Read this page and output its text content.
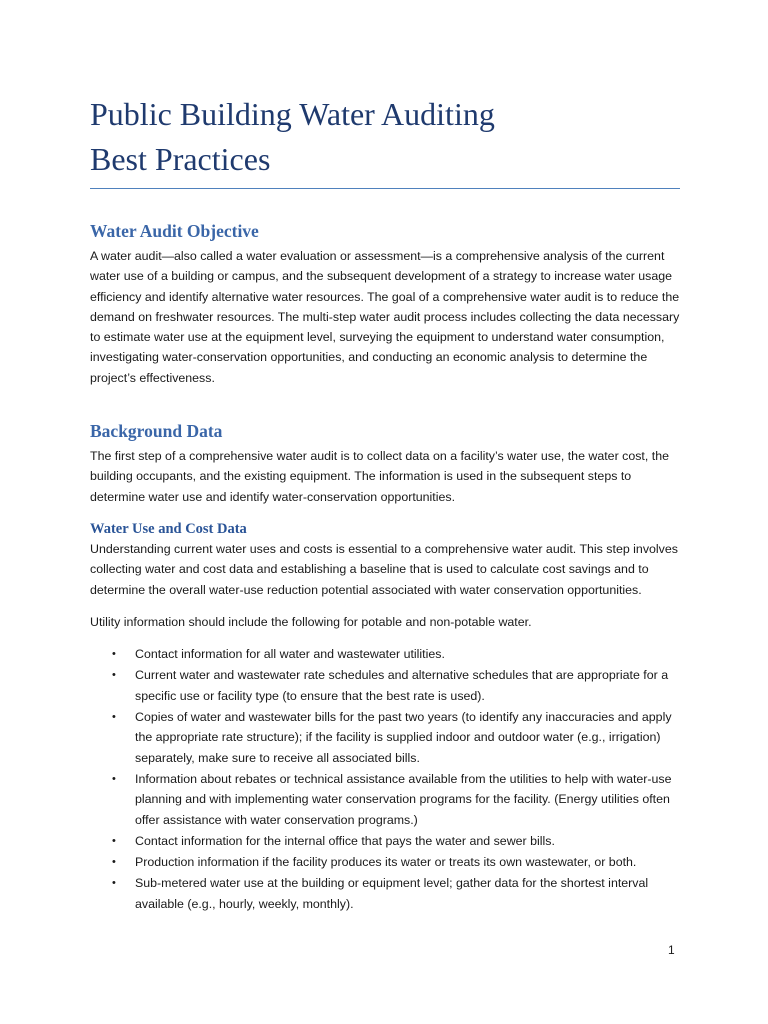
Public Building Water Auditing
Best Practices
Water Audit Objective

A water audit—also called a water evaluation or assessment—is a comprehensive analysis of the current water use of a building or campus, and the subsequent development of a strategy to increase water usage efficiency and identify alternative water resources. The goal of a comprehensive water audit is to reduce the demand on freshwater resources. The multi-step water audit process includes collecting the data necessary to estimate water use at the equipment level, surveying the equipment to understand water consumption, investigating water-conservation opportunities, and conducting an economic analysis to determine the project’s effectiveness.

Background Data

The first step of a comprehensive water audit is to collect data on a facility’s water use, the water cost, the building occupants, and the existing equipment. The information is used in the subsequent steps to determine water use and identify water-conservation opportunities.

Water Use and Cost Data

Understanding current water uses and costs is essential to a comprehensive water audit. This step involves collecting water and cost data and establishing a baseline that is used to calculate cost savings and to determine the overall water-use reduction potential associated with water conservation opportunities.

Utility information should include the following for potable and non-potable water.

• Contact information for all water and wastewater utilities.
• Current water and wastewater rate schedules and alternative schedules that are appropriate for a specific use or facility type (to ensure that the best rate is used).
• Copies of water and wastewater bills for the past two years (to identify any inaccuracies and apply the appropriate rate structure); if the facility is supplied indoor and outdoor water (e.g., irrigation) separately, make sure to receive all associated bills.
• Information about rebates or technical assistance available from the utilities to help with water-use planning and with implementing water conservation programs for the facility. (Energy utilities often offer assistance with water conservation programs.)
• Contact information for the internal office that pays the water and sewer bills.
• Production information if the facility produces its water or treats its own wastewater, or both.
• Sub-metered water use at the building or equipment level; gather data for the shortest interval available (e.g., hourly, weekly, monthly).
1
